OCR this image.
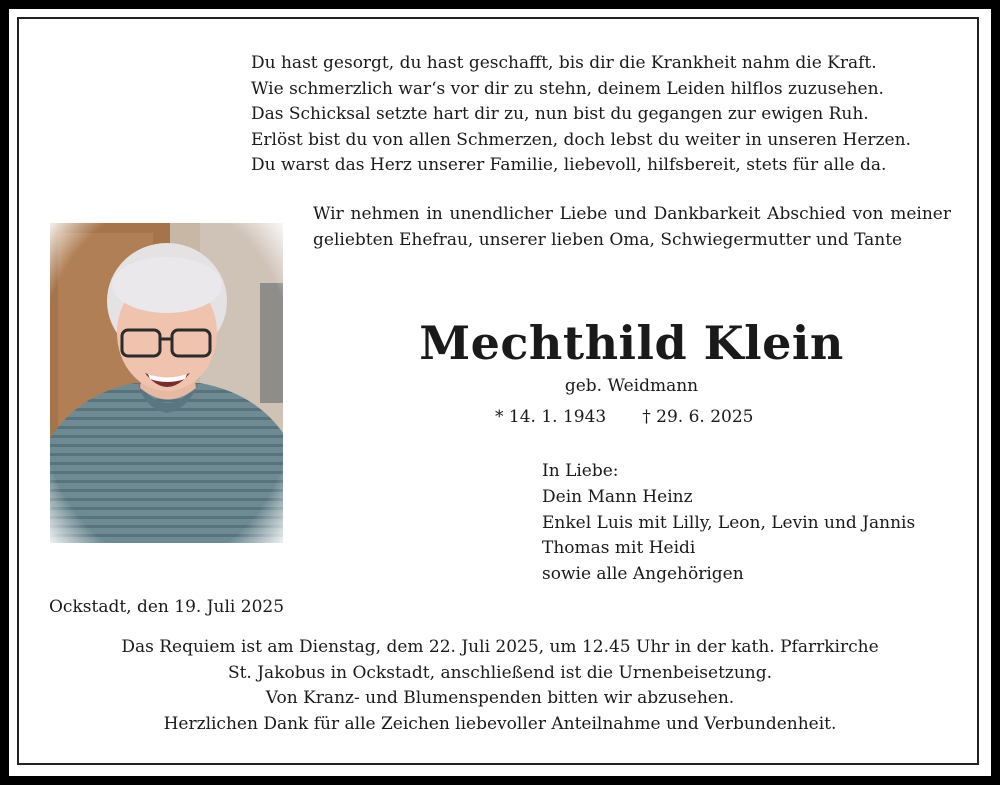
Du hast gesorgt, du hast geschafft, bis dir die Krankheit nahm die Kraft.
Wie schmerzlich war‘s vor dir zu stehn, deinem Leiden hilflos zuzusehen.
Das Schicksal setzte hart dir zu, nun bist du gegangen zur ewigen Ruh.
Erlöst bist du von allen Schmerzen, doch lebst du weiter in unseren Herzen.
Du warst das Herz unserer Familie, liebevoll, hilfsbereit, stets für alle da.
Wir nehmen in unendlicher Liebe und Dankbarkeit Abschied von meiner geliebten Ehefrau, unserer lieben Oma, Schwiegermutter und Tante
Mechthild Klein
geb. Weidmann
* 14. 1. 1943 † 29. 6. 2025
In Liebe:
Dein Mann Heinz
Enkel Luis mit Lilly, Leon, Levin und Jannis
Thomas mit Heidi
sowie alle Angehörigen
Ockstadt, den 19. Juli 2025
Das Requiem ist am Dienstag, dem 22. Juli 2025, um 12.45 Uhr in der kath. Pfarrkirche
St. Jakobus in Ockstadt, anschließend ist die Urnenbeisetzung.
Von Kranz- und Blumenspenden bitten wir abzusehen.
Herzlichen Dank für alle Zeichen liebevoller Anteilnahme und Verbundenheit.
